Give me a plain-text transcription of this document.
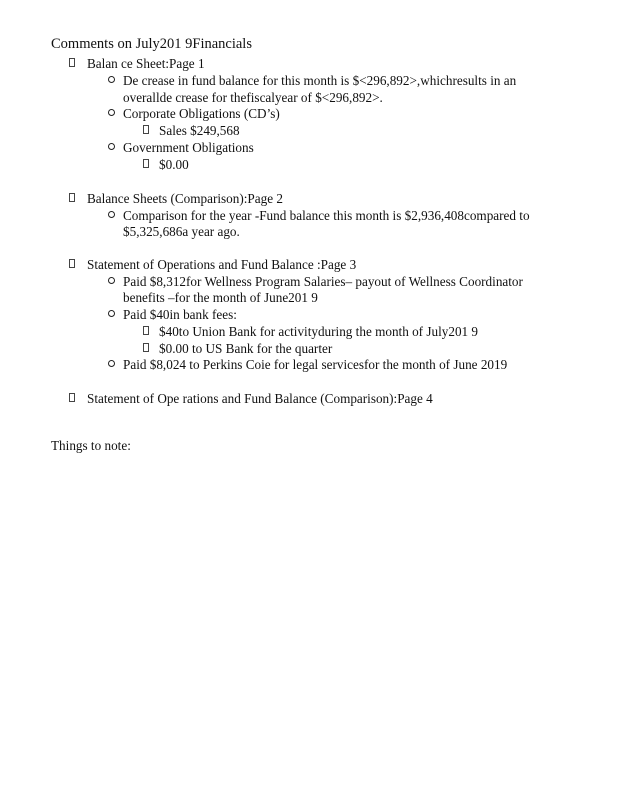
Comments on July201 9Financials
Balan ce Sheet:Page 1
De crease in fund balance for this month is $<296,892>,whichresults in an
overallde crease for thefiscalyear of $<296,892>.
Corporate Obligations (CD’s)
Sales $249,568
Government Obligations
$0.00
Balance Sheets (Comparison):Page 2
Comparison for the year -Fund balance this month is $2,936,408compared to
$5,325,686a year ago.
Statement of Operations and Fund Balance :Page 3
Paid $8,312for Wellness Program Salaries– payout of Wellness Coordinator
benefits –for the month of June201 9
Paid $40in bank fees:
$40to Union Bank for activityduring the month of July201 9
$0.00 to US Bank for the quarter
Paid $8,024 to Perkins Coie for legal servicesfor the month of June 2019
Statement of Ope rations and Fund Balance (Comparison):Page 4
Things to note:
